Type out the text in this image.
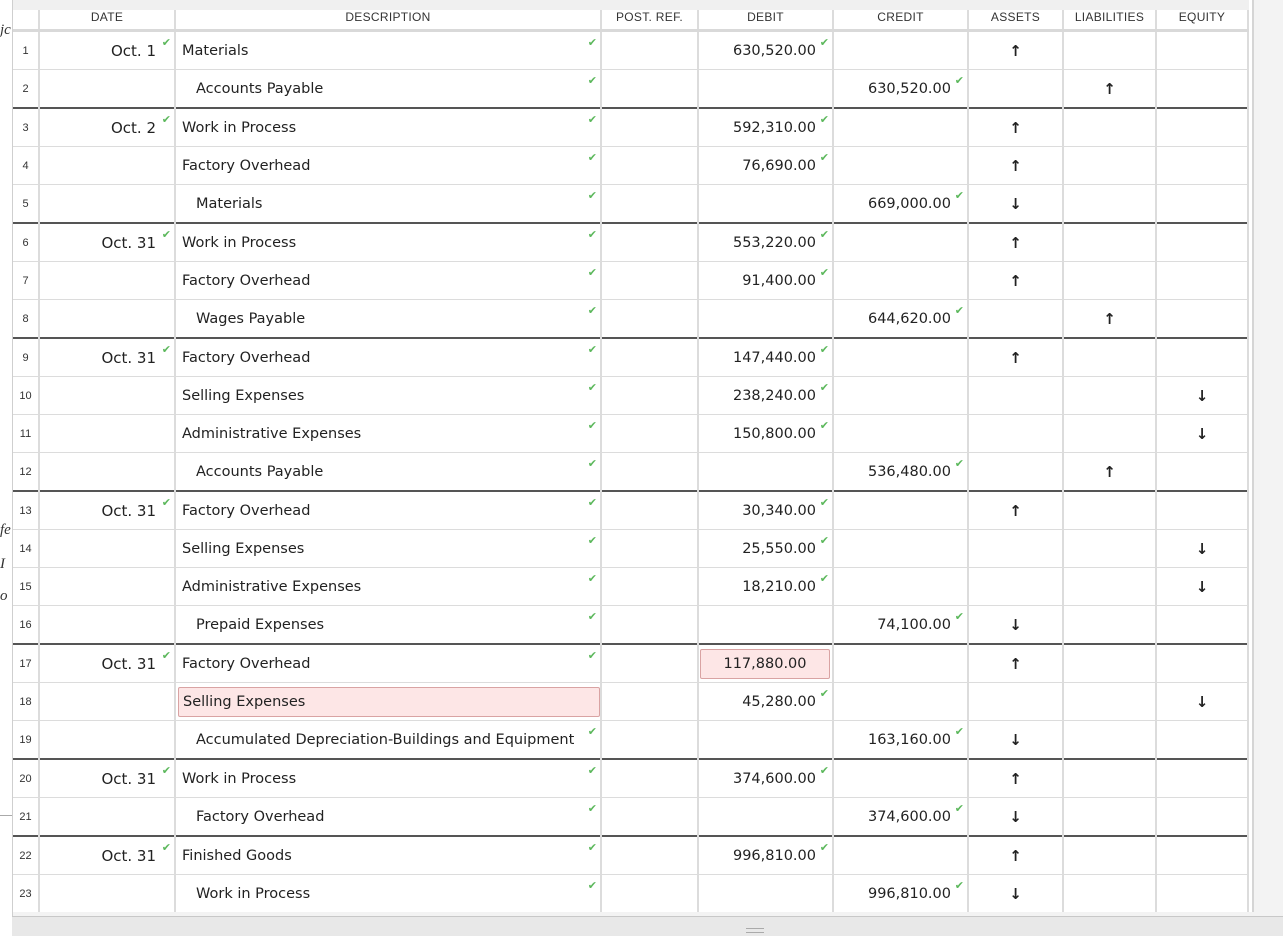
jc
fe
I
o
	DATE	DESCRIPTION	POST. REF.	DEBIT	CREDIT	ASSETS	LIABILITIES	EQUITY
1	Oct. 1 ✔	Materials ✔		630,520.00 ✔		↑		
2		Accounts Payable ✔			630,520.00 ✔		↑	
3	Oct. 2 ✔	Work in Process ✔		592,310.00 ✔		↑		
4		Factory Overhead ✔		76,690.00 ✔		↑		
5		Materials ✔			669,000.00 ✔	↓		
6	Oct. 31 ✔	Work in Process ✔		553,220.00 ✔		↑		
7		Factory Overhead ✔		91,400.00 ✔		↑		
8		Wages Payable ✔			644,620.00 ✔		↑	
9	Oct. 31 ✔	Factory Overhead ✔		147,440.00 ✔		↑		
10		Selling Expenses ✔		238,240.00 ✔				↓
11		Administrative Expenses ✔		150,800.00 ✔				↓
12		Accounts Payable ✔			536,480.00 ✔		↑	
13	Oct. 31 ✔	Factory Overhead ✔		30,340.00 ✔		↑		
14		Selling Expenses ✔		25,550.00 ✔				↓
15		Administrative Expenses ✔		18,210.00 ✔				↓
16		Prepaid Expenses ✔			74,100.00 ✔	↓		
17	Oct. 31 ✔	Factory Overhead ✔		117,880.00		↑		
18		Selling Expenses		45,280.00 ✔				↓
19		Accumulated Depreciation-Buildings and Equipment ✔			163,160.00 ✔	↓		
20	Oct. 31 ✔	Work in Process ✔		374,600.00 ✔		↑		
21		Factory Overhead ✔			374,600.00 ✔	↓		
22	Oct. 31 ✔	Finished Goods ✔		996,810.00 ✔		↑		
23		Work in Process ✔			996,810.00 ✔	↓		
